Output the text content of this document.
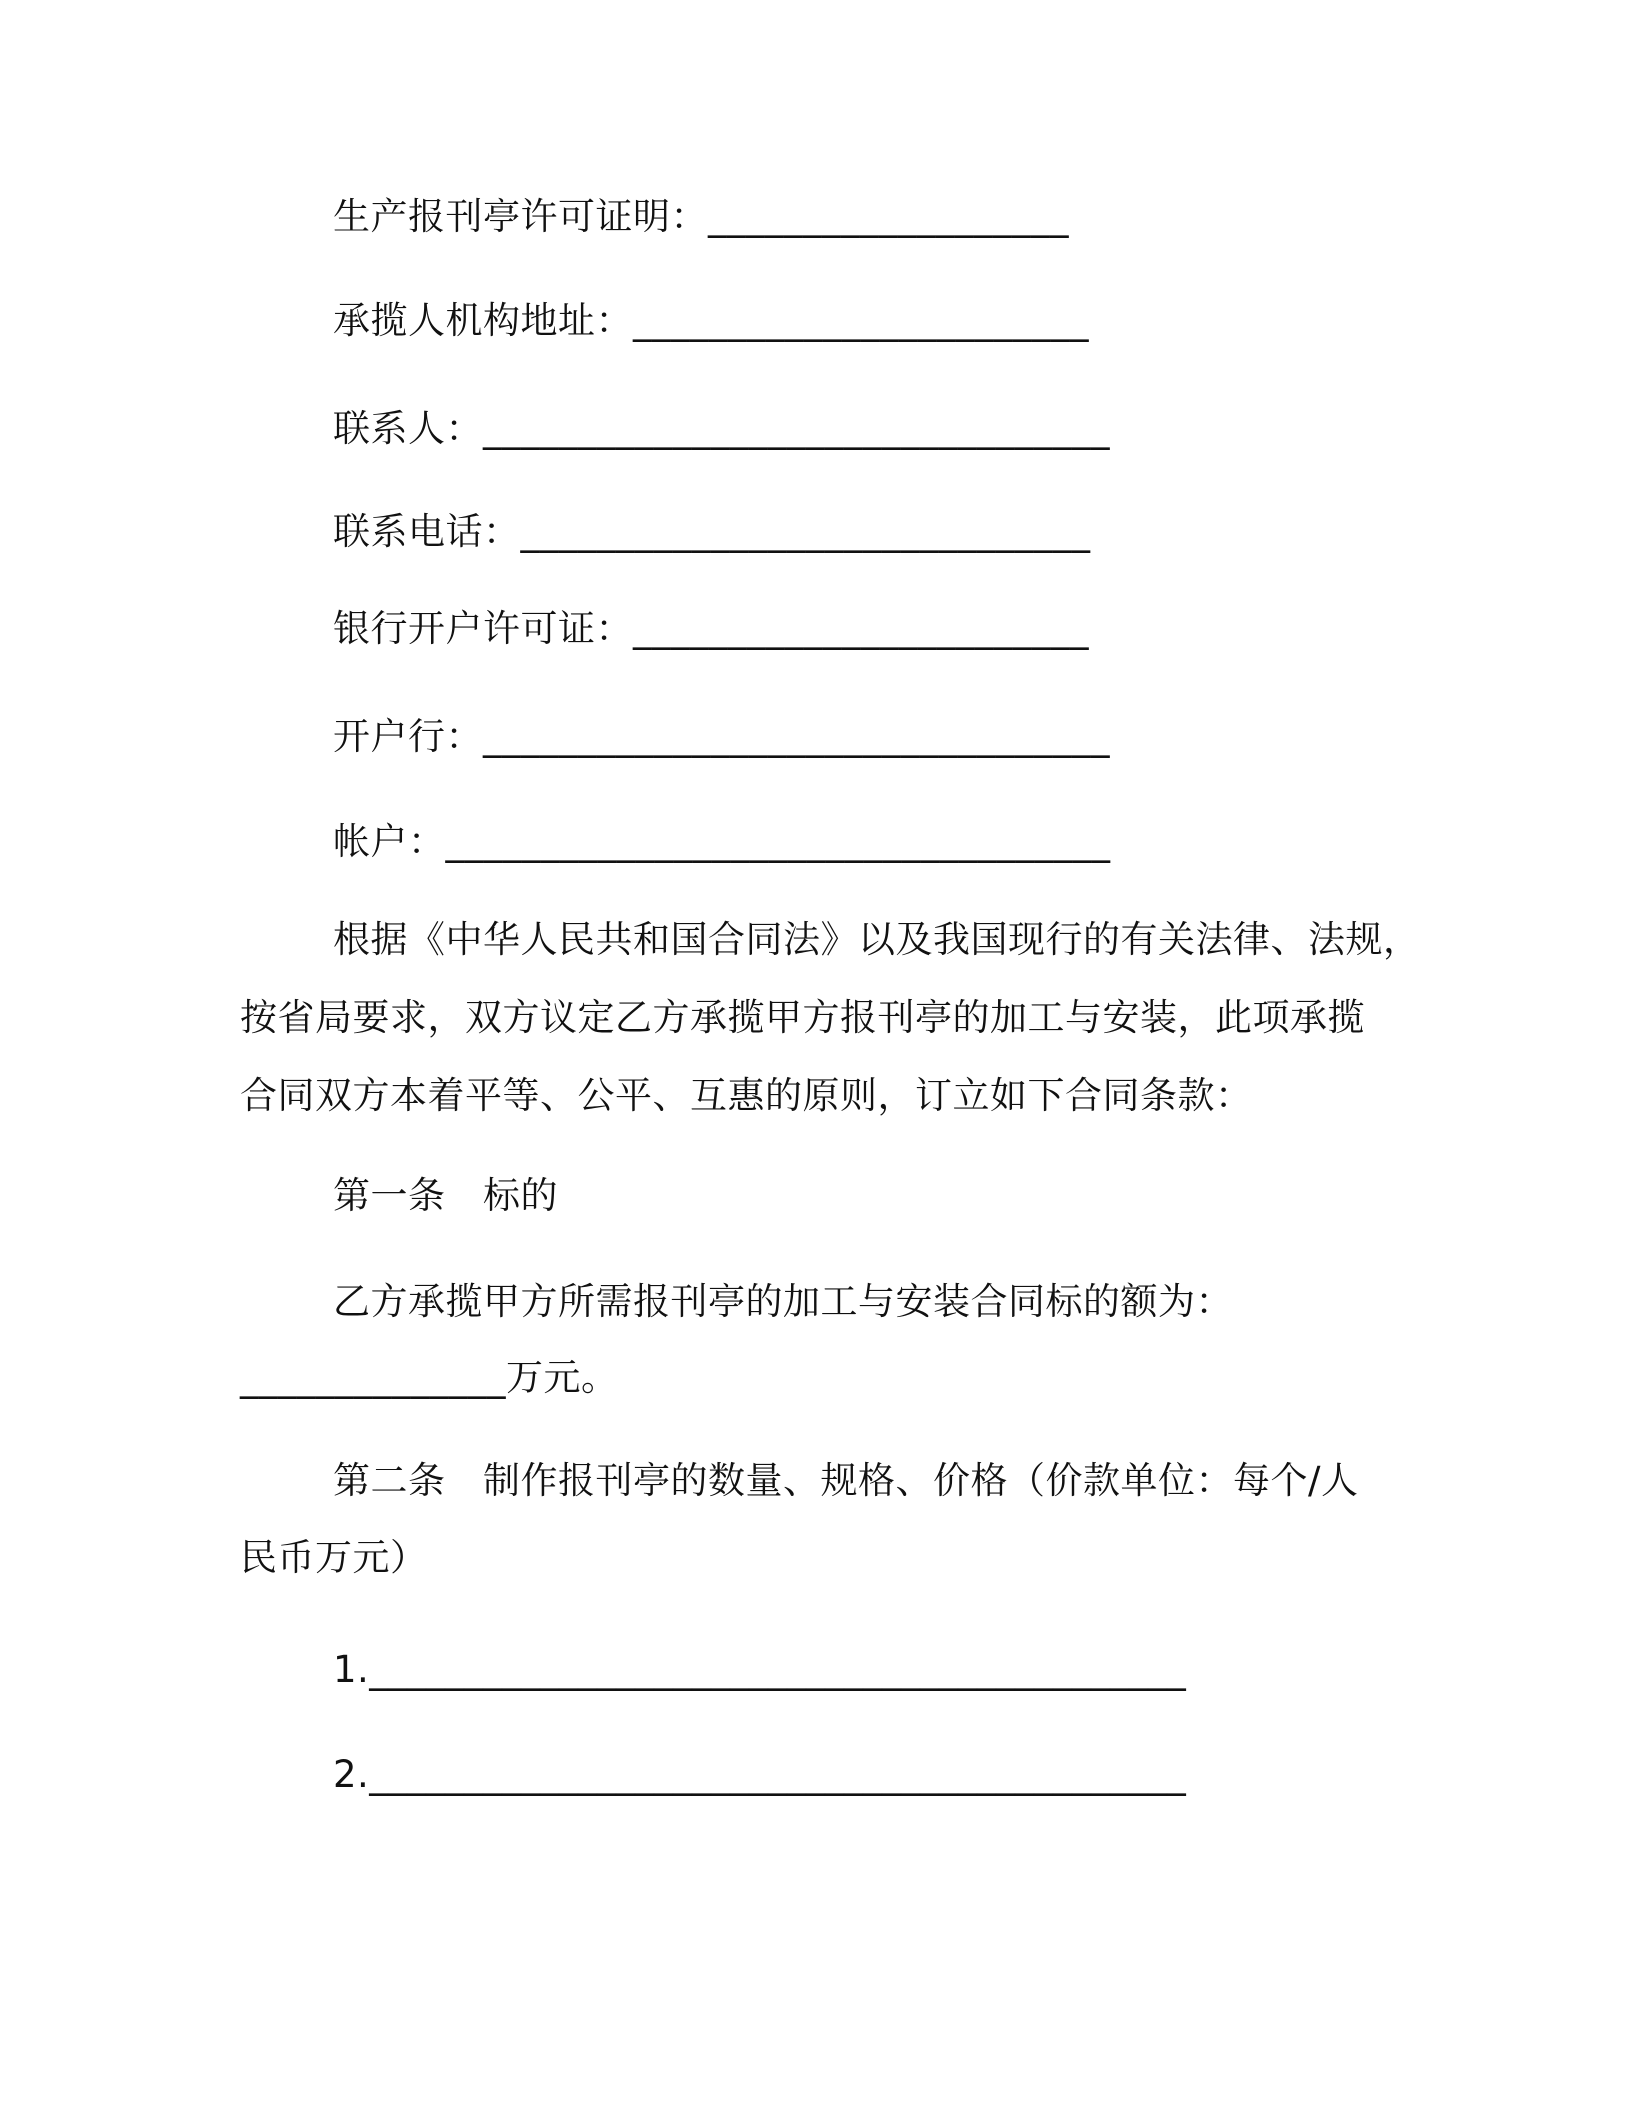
生产报刊亭许可证明：___________________
承揽人机构地址：________________________
联系人：_________________________________
联系电话：______________________________
银行开户许可证：________________________
开户行：_________________________________
帐户：___________________________________
根据《中华人民共和国合同法》以及我国现行的有关法律、法规，
按省局要求，双方议定乙方承揽甲方报刊亭的加工与安装，此项承揽
合同双方本着平等、公平、互惠的原则，订立如下合同条款：
第一条　标的
乙方承揽甲方所需报刊亭的加工与安装合同标的额为：
______________万元。
第二条　制作报刊亭的数量、规格、价格（价款单位：每个/人
民币万元）
1.___________________________________________
2.___________________________________________
